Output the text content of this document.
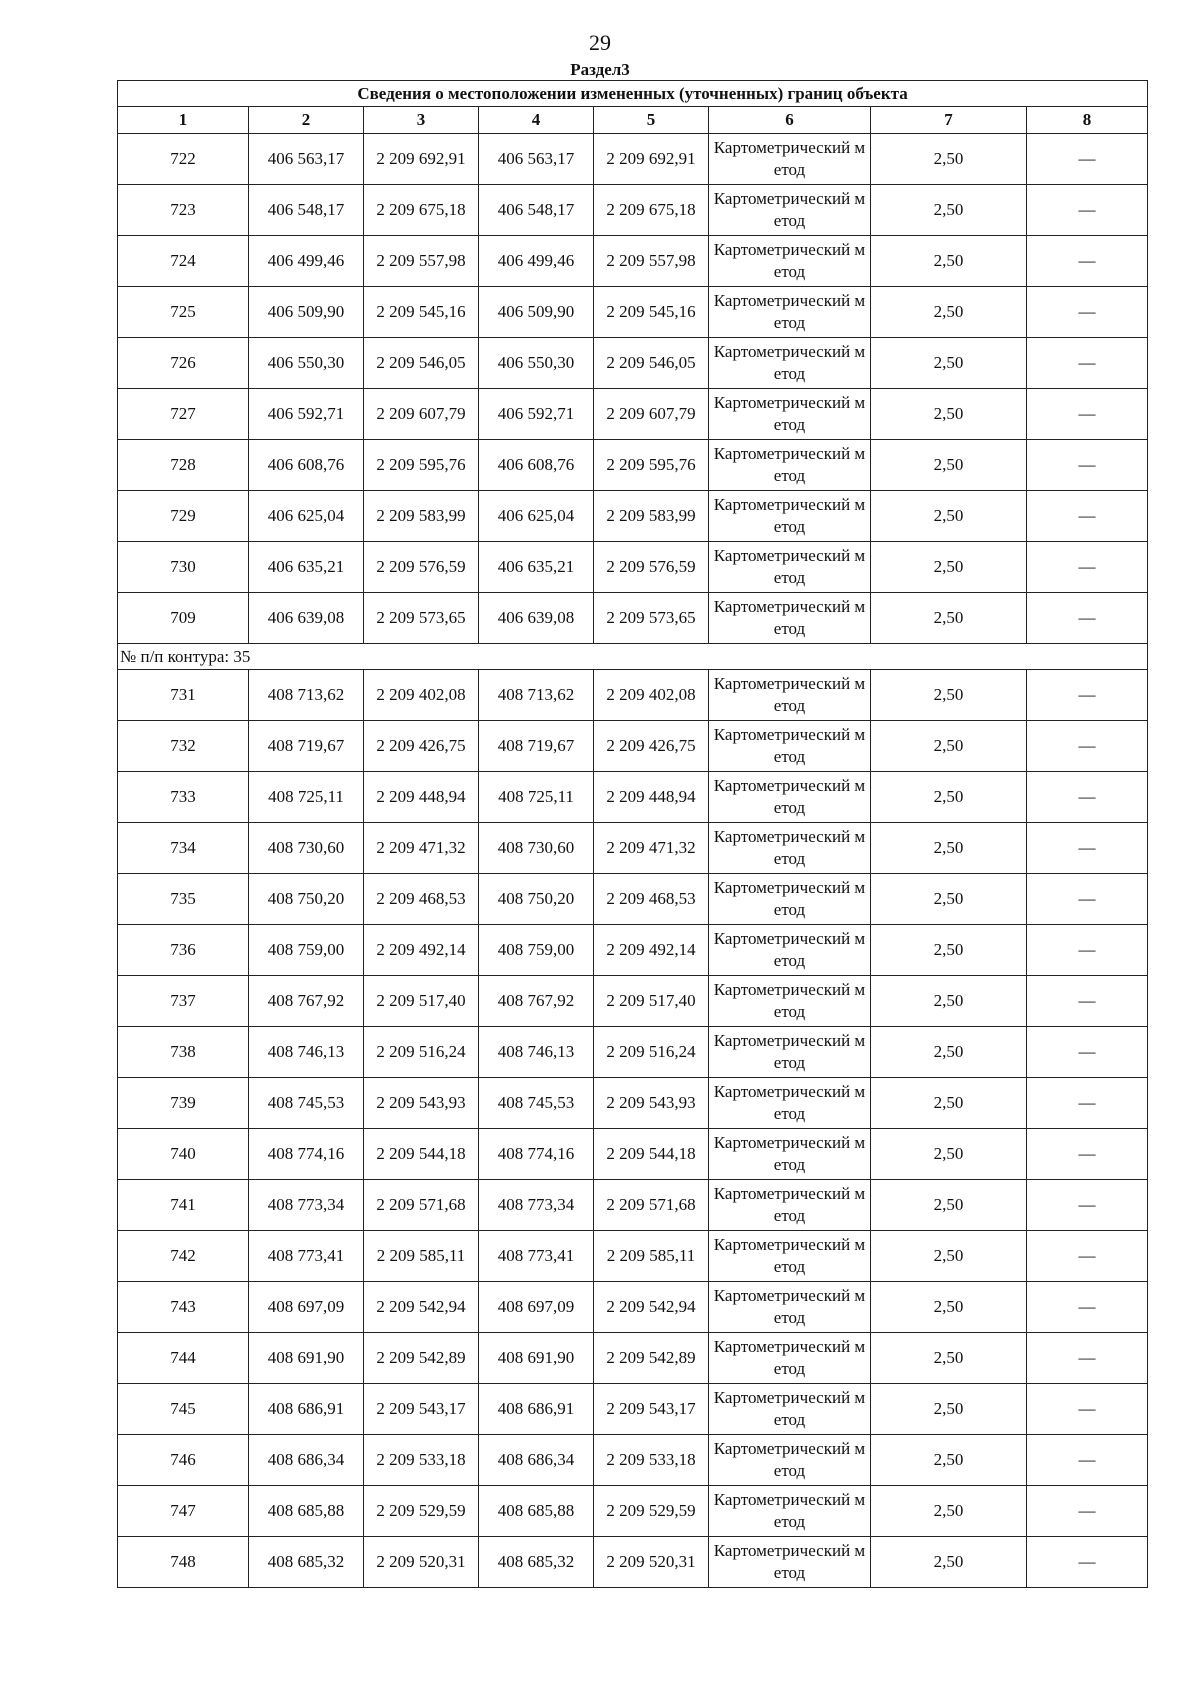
29
Раздел3
Сведения о местоположении измененных (уточненных) границ объекта							
1	2	3	4	5	6	7	8
722	406 563,17	2 209 692,91	406 563,17	2 209 692,91	Картометрический метод	2,50	—
723	406 548,17	2 209 675,18	406 548,17	2 209 675,18	Картометрический метод	2,50	—
724	406 499,46	2 209 557,98	406 499,46	2 209 557,98	Картометрический метод	2,50	—
725	406 509,90	2 209 545,16	406 509,90	2 209 545,16	Картометрический метод	2,50	—
726	406 550,30	2 209 546,05	406 550,30	2 209 546,05	Картометрический метод	2,50	—
727	406 592,71	2 209 607,79	406 592,71	2 209 607,79	Картометрический метод	2,50	—
728	406 608,76	2 209 595,76	406 608,76	2 209 595,76	Картометрический метод	2,50	—
729	406 625,04	2 209 583,99	406 625,04	2 209 583,99	Картометрический метод	2,50	—
730	406 635,21	2 209 576,59	406 635,21	2 209 576,59	Картометрический метод	2,50	—
709	406 639,08	2 209 573,65	406 639,08	2 209 573,65	Картометрический метод	2,50	—
№ п/п контура: 35							
731	408 713,62	2 209 402,08	408 713,62	2 209 402,08	Картометрический метод	2,50	—
732	408 719,67	2 209 426,75	408 719,67	2 209 426,75	Картометрический метод	2,50	—
733	408 725,11	2 209 448,94	408 725,11	2 209 448,94	Картометрический метод	2,50	—
734	408 730,60	2 209 471,32	408 730,60	2 209 471,32	Картометрический метод	2,50	—
735	408 750,20	2 209 468,53	408 750,20	2 209 468,53	Картометрический метод	2,50	—
736	408 759,00	2 209 492,14	408 759,00	2 209 492,14	Картометрический метод	2,50	—
737	408 767,92	2 209 517,40	408 767,92	2 209 517,40	Картометрический метод	2,50	—
738	408 746,13	2 209 516,24	408 746,13	2 209 516,24	Картометрический метод	2,50	—
739	408 745,53	2 209 543,93	408 745,53	2 209 543,93	Картометрический метод	2,50	—
740	408 774,16	2 209 544,18	408 774,16	2 209 544,18	Картометрический метод	2,50	—
741	408 773,34	2 209 571,68	408 773,34	2 209 571,68	Картометрический метод	2,50	—
742	408 773,41	2 209 585,11	408 773,41	2 209 585,11	Картометрический метод	2,50	—
743	408 697,09	2 209 542,94	408 697,09	2 209 542,94	Картометрический метод	2,50	—
744	408 691,90	2 209 542,89	408 691,90	2 209 542,89	Картометрический метод	2,50	—
745	408 686,91	2 209 543,17	408 686,91	2 209 543,17	Картометрический метод	2,50	—
746	408 686,34	2 209 533,18	408 686,34	2 209 533,18	Картометрический метод	2,50	—
747	408 685,88	2 209 529,59	408 685,88	2 209 529,59	Картометрический метод	2,50	—
748	408 685,32	2 209 520,31	408 685,32	2 209 520,31	Картометрический метод	2,50	—
